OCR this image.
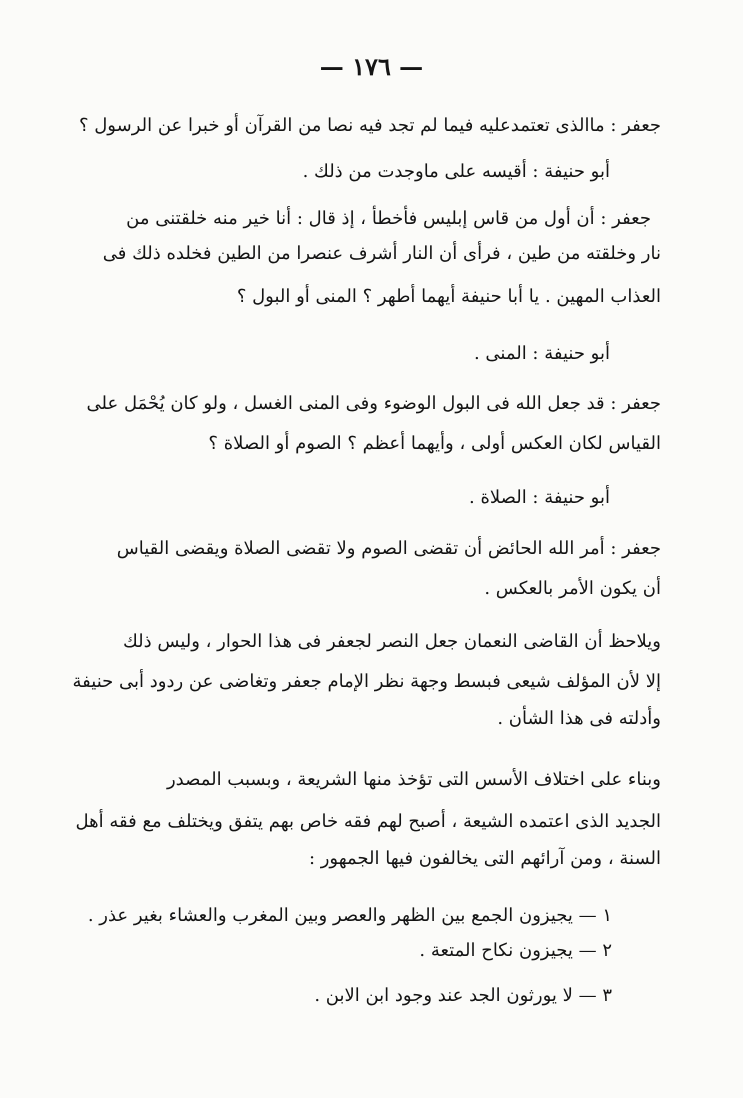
— ١٧٦ —
جعفر : ماالذى تعتمدعليه فيما لم تجد فيه نصا من القرآن أو خبرا عن الرسول ؟
أبو حنيفة : أقيسه على ماوجدت من ذلك .
جعفر : أن أول من قاس إبليس فأخطأ ، إذ قال : أنا خير منه خلقتنى من
نار وخلقته من طين ، فرأى أن النار أشرف عنصرا من الطين فخلده ذلك فى
العذاب المهين . يا أبا حنيفة أيهما أطهر ؟ المنى أو البول ؟
أبو حنيفة : المنى .
جعفر : قد جعل الله فى البول الوضوء وفى المنى الغسل ، ولو كان يُحْمَل على
القياس لكان العكس أولى ، وأيهما أعظم ؟ الصوم أو الصلاة ؟
أبو حنيفة : الصلاة .
جعفر : أمر الله الحائض أن تقضى الصوم ولا تقضى الصلاة ويقضى القياس
أن يكون الأمر بالعكس .
ويلاحظ أن القاضى النعمان جعل النصر لجعفر فى هذا الحوار ، وليس ذلك
إلا لأن المؤلف شيعى فبسط وجهة نظر الإمام جعفر وتغاضى عن ردود أبى حنيفة
وأدلته فى هذا الشأن .
وبناء على اختلاف الأسس التى تؤخذ منها الشريعة ، وبسبب المصدر
الجديد الذى اعتمده الشيعة ، أصبح لهم فقه خاص بهم يتفق ويختلف مع فقه أهل
السنة ، ومن آرائهم التى يخالفون فيها الجمهور :
١ — يجيزون الجمع بين الظهر والعصر وبين المغرب والعشاء بغير عذر .
٢ — يجيزون نكاح المتعة .
٣ — لا يورثون الجد عند وجود ابن الابن .
